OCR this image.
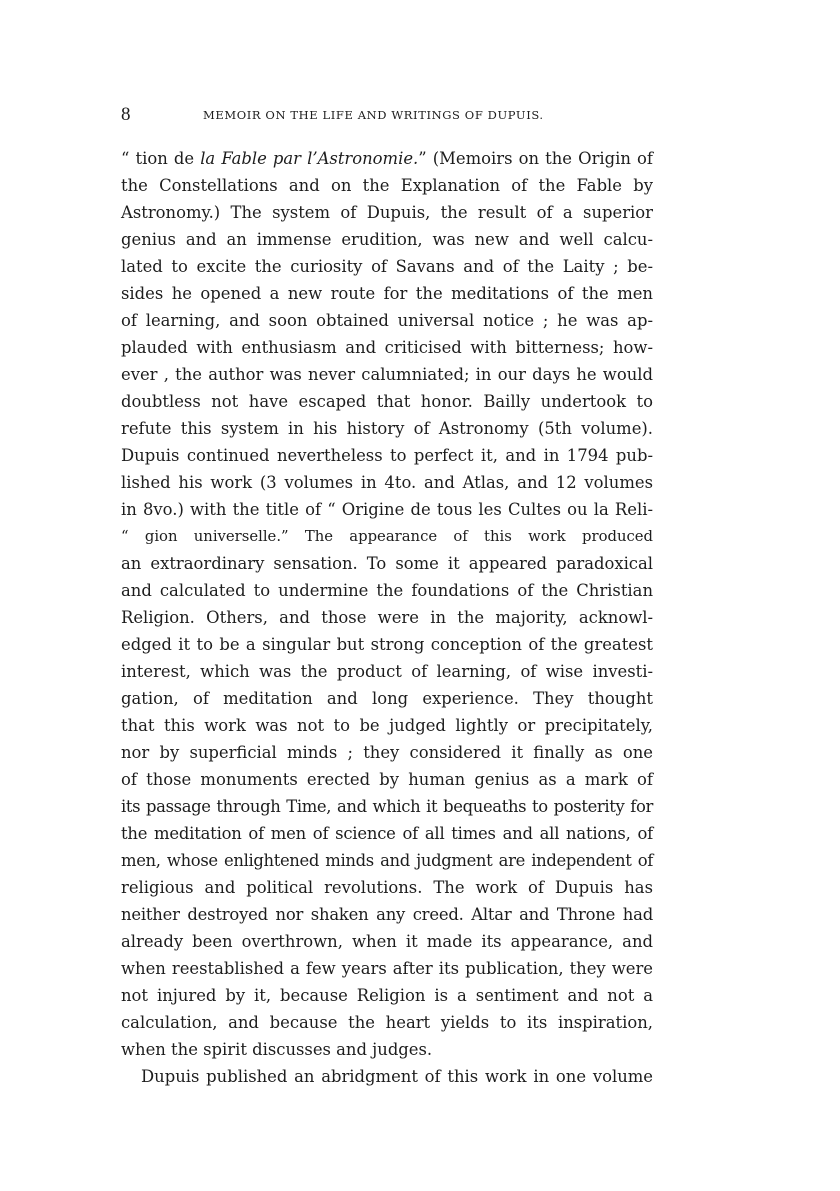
8	MEMOIR ON THE LIFE AND WRITINGS OF DUPUIS.
“ tion de la Fable par l’Astronomie.” (Memoirs on the Origin of
the Constellations and on the Explanation of the Fable by
Astronomy.) The system of Dupuis, the result of a superior
genius and an immense erudition, was new and well calcu-
lated to excite the curiosity of Savans and of the Laity ; be-
sides he opened a new route for the meditations of the men
of learning, and soon obtained universal notice ; he was ap-
plauded with enthusiasm and criticised with bitterness; how-
ever , the author was never calumniated; in our days he would
doubtless not have escaped that honor. Bailly undertook to
refute this system in his history of Astronomy (5th volume).
Dupuis continued nevertheless to perfect it, and in 1794 pub-
lished his work (3 volumes in 4to. and Atlas, and 12 volumes
in 8vo.) with the title of “ Origine de tous les Cultes ou la Reli-
“ gion universelle.” The appearance of this work produced
an extraordinary sensation. To some it appeared paradoxical
and calculated to undermine the foundations of the Christian
Religion. Others, and those were in the majority, acknowl-
edged it to be a singular but strong conception of the greatest
interest, which was the product of learning, of wise investi-
gation, of meditation and long experience. They thought
that this work was not to be judged lightly or precipitately,
nor by superficial minds ; they considered it finally as one
of those monuments erected by human genius as a mark of
its passage through Time, and which it bequeaths to posterity for
the meditation of men of science of all times and all nations, of
men, whose enlightened minds and judgment are independent of
religious and political revolutions. The work of Dupuis has
neither destroyed nor shaken any creed. Altar and Throne had
already been overthrown, when it made its appearance, and
when reestablished a few years after its publication, they were
not injured by it, because Religion is a sentiment and not a
calculation, and because the heart yields to its inspiration,
when the spirit discusses and judges.
Dupuis published an abridgment of this work in one volume
